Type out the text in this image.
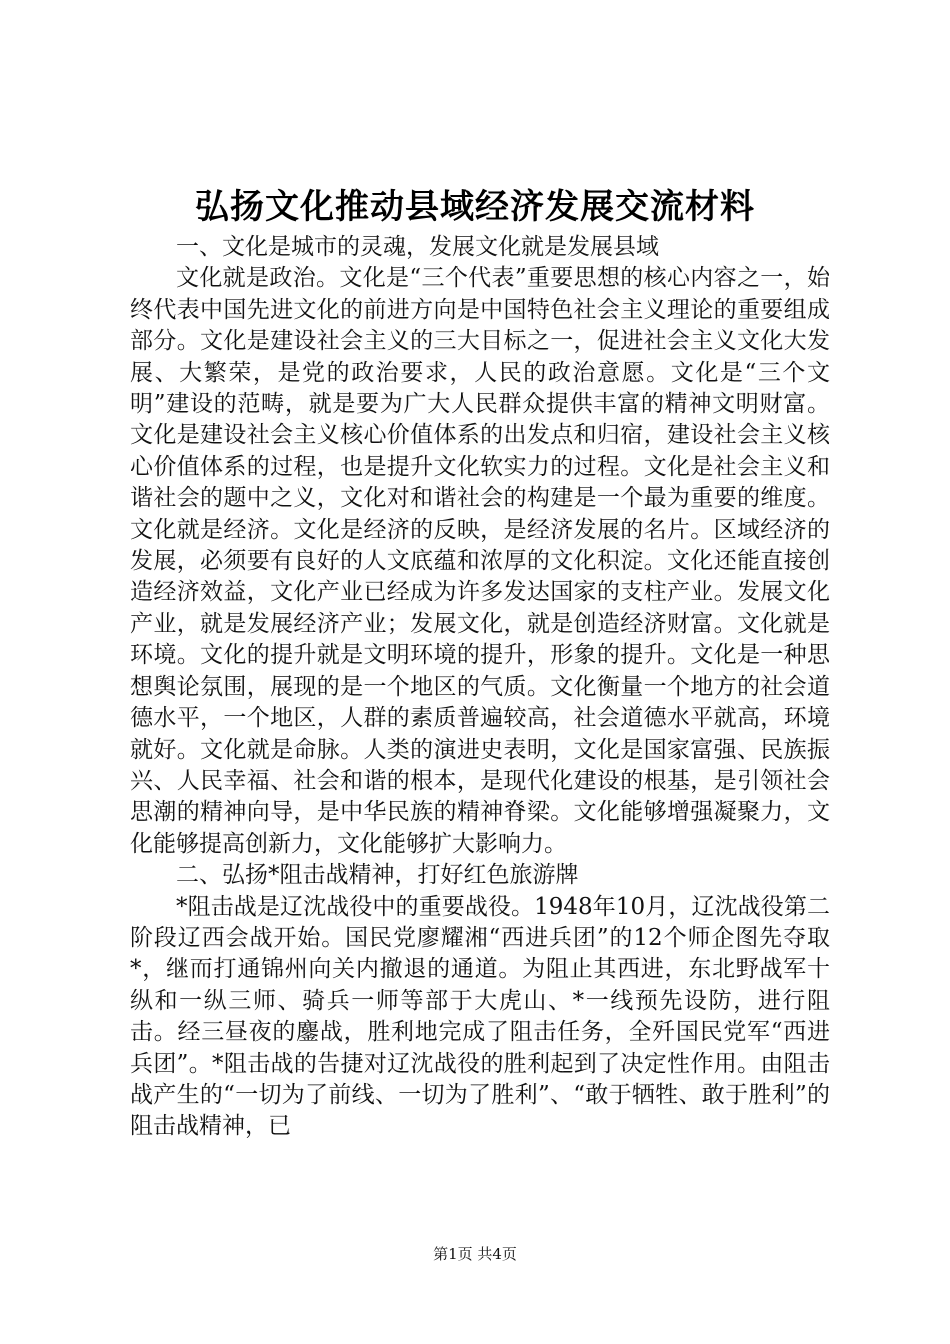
弘扬文化推动县域经济发展交流材料

一、文化是城市的灵魂，发展文化就是发展县域

文化就是政治。文化是“三个代表”重要思想的核心内容之一，始终代表中国先进文化的前进方向是中国特色社会主义理论的重要组成部分。文化是建设社会主义的三大目标之一，促进社会主义文化大发展、大繁荣，是党的政治要求，人民的政治意愿。文化是“三个文明”建设的范畴，就是要为广大人民群众提供丰富的精神文明财富。文化是建设社会主义核心价值体系的出发点和归宿，建设社会主义核心价值体系的过程，也是提升文化软实力的过程。文化是社会主义和谐社会的题中之义，文化对和谐社会的构建是一个最为重要的维度。文化就是经济。文化是经济的反映，是经济发展的名片。区域经济的发展，必须要有良好的人文底蕴和浓厚的文化积淀。文化还能直接创造经济效益，文化产业已经成为许多发达国家的支柱产业。发展文化产业，就是发展经济产业；发展文化，就是创造经济财富。文化就是环境。文化的提升就是文明环境的提升，形象的提升。文化是一种思想舆论氛围，展现的是一个地区的气质。文化衡量一个地方的社会道德水平，一个地区，人群的素质普遍较高，社会道德水平就高，环境就好。文化就是命脉。人类的演进史表明，文化是国家富强、民族振兴、人民幸福、社会和谐的根本，是现代化建设的根基，是引领社会思潮的精神向导，是中华民族的精神脊梁。文化能够增强凝聚力，文化能够提高创新力，文化能够扩大影响力。

二、弘扬*阻击战精神，打好红色旅游牌

*阻击战是辽沈战役中的重要战役。1948年10月，辽沈战役第二阶段辽西会战开始。国民党廖耀湘“西进兵团”的12个师企图先夺取*，继而打通锦州向关内撤退的通道。为阻止其西进，东北野战军十纵和一纵三师、骑兵一师等部于大虎山、*一线预先设防，进行阻击。经三昼夜的鏖战，胜利地完成了阻击任务，全歼国民党军“西进兵团”。*阻击战的告捷对辽沈战役的胜利起到了决定性作用。由阻击战产生的“一切为了前线、一切为了胜利”、“敢于牺牲、敢于胜利”的阻击战精神，已

第1页 共4页
